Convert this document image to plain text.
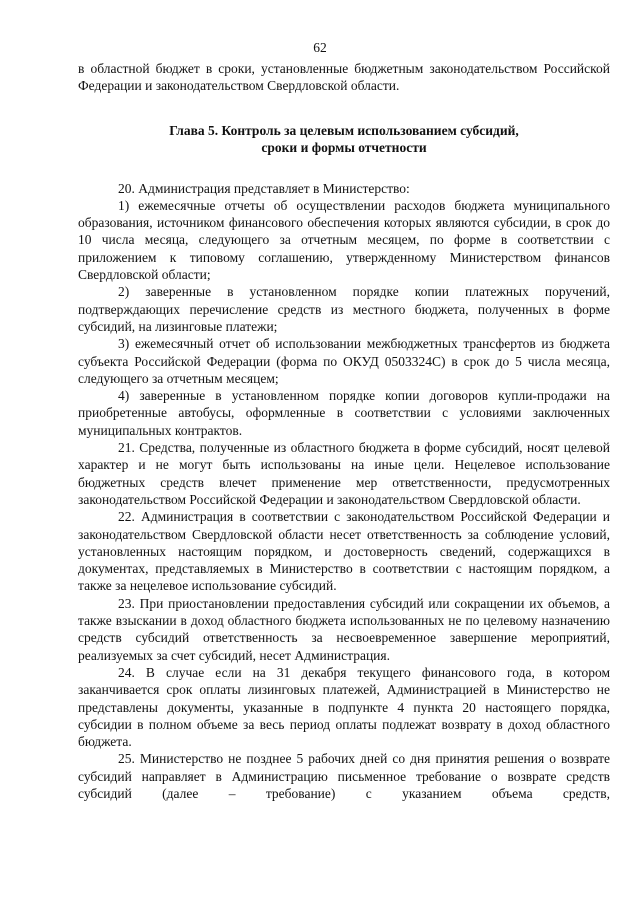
62

в областной бюджет в сроки, установленные бюджетным законодательством Российской Федерации и законодательством Свердловской области.

Глава 5. Контроль за целевым использованием субсидий,
сроки и формы отчетности

20. Администрация представляет в Министерство:

1) ежемесячные отчеты об осуществлении расходов бюджета муниципального образования, источником финансового обеспечения которых являются субсидии, в срок до 10 числа месяца, следующего за отчетным месяцем, по форме в соответствии с приложением к типовому соглашению, утвержденному Министерством финансов Свердловской области;

2) заверенные в установленном порядке копии платежных поручений, подтверждающих перечисление средств из местного бюджета, полученных в форме субсидий, на лизинговые платежи;

3) ежемесячный отчет об использовании межбюджетных трансфертов из бюджета субъекта Российской Федерации (форма по ОКУД 0503324С) в срок до 5 числа месяца, следующего за отчетным месяцем;

4) заверенные в установленном порядке копии договоров купли-продажи на приобретенные автобусы, оформленные в соответствии с условиями заключенных муниципальных контрактов.

21. Средства, полученные из областного бюджета в форме субсидий, носят целевой характер и не могут быть использованы на иные цели. Нецелевое использование бюджетных средств влечет применение мер ответственности, предусмотренных законодательством Российской Федерации и законодательством Свердловской области.

22. Администрация в соответствии с законодательством Российской Федерации и законодательством Свердловской области несет ответственность за соблюдение условий, установленных настоящим порядком, и достоверность сведений, содержащихся в документах, представляемых в Министерство в соответствии с настоящим порядком, а также за нецелевое использование субсидий.

23. При приостановлении предоставления субсидий или сокращении их объемов, а также взыскании в доход областного бюджета использованных не по целевому назначению средств субсидий ответственность за несвоевременное завершение мероприятий, реализуемых за счет субсидий, несет Администрация.

24. В случае если на 31 декабря текущего финансового года, в котором заканчивается срок оплаты лизинговых платежей, Администрацией в Министерство не представлены документы, указанные в подпункте 4 пункта 20 настоящего порядка, субсидии в полном объеме за весь период оплаты подлежат возврату в доход областного бюджета.

25. Министерство не позднее 5 рабочих дней со дня принятия решения о возврате субсидий направляет в Администрацию письменное требование о возврате средств субсидий (далее – требование) с указанием объема средств,
